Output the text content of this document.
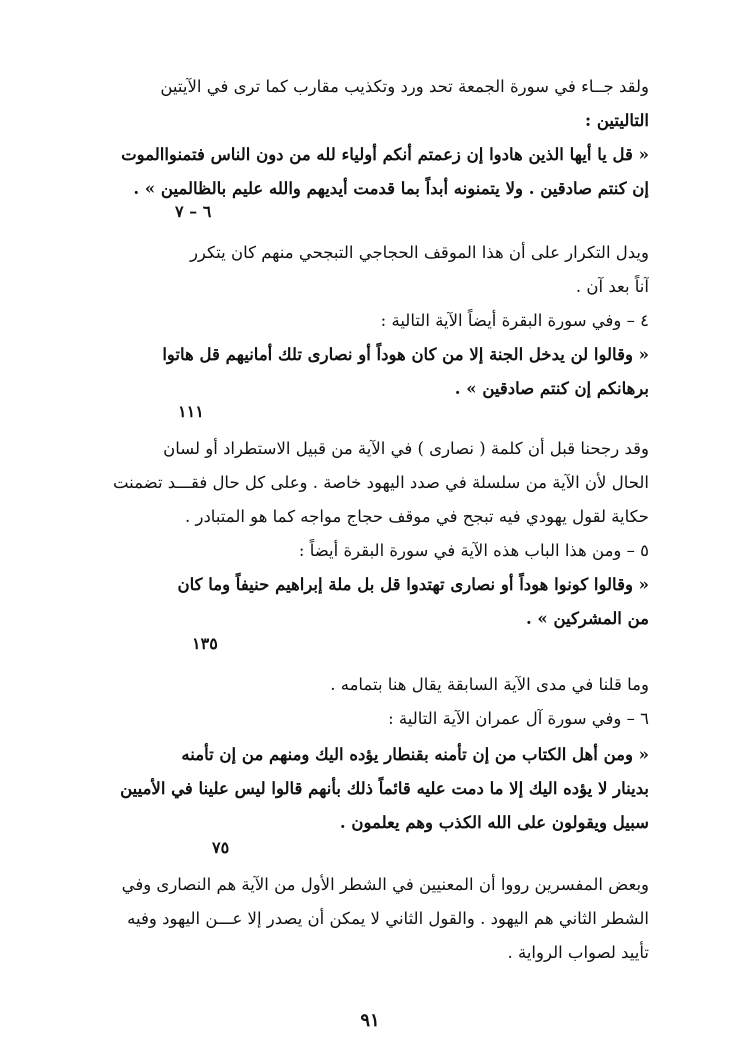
ولقد جــاء في سورة الجمعة تحد ورد وتكذيب مقارب كما ترى في الآيتين
التاليتين :
« قل يا أيها الذين هادوا إن زعمتم أنكم أولياء لله من دون الناس فتمنواالموت
إن كنتم صادقين . ولا يتمنونه أبداً بما قدمت أيديهم والله عليم بالظالمين » .
٦ – ٧
ويدل التكرار على أن هذا الموقف الحجاجي التبجحي منهم كان يتكرر
آناً بعد آن .
٤ – وفي سورة البقرة أيضاً الآية التالية :
« وقالوا لن يدخل الجنة إلا من كان هوداً أو نصارى تلك أمانيهم قل هاتوا
برهانكم إن كنتم صادقين » .
١١١
وقد رجحنا قبل أن كلمة ( نصارى ) في الآية من قبيل الاستطراد أو لسان
الحال لأن الآية من سلسلة في صدد اليهود خاصة . وعلى كل حال فقـــد تضمنت
حكاية لقول يهودي فيه تبجح في موقف حجاج مواجه كما هو المتبادر .
٥ – ومن هذا الباب هذه الآية في سورة البقرة أيضاً :
« وقالوا كونوا هوداً أو نصارى تهتدوا قل بل ملة إبراهيم حنيفاً وما كان
من المشركين » .
١٣٥
وما قلنا في مدى الآية السابقة يقال هنا بتمامه .
٦ – وفي سورة آل عمران الآية التالية :
« ومن أهل الكتاب من إن تأمنه بقنطار يؤده اليك ومنهم من إن تأمنه
بدينار لا يؤده اليك إلا ما دمت عليه قائماً ذلك بأنهم قالوا ليس علينا في الأميين
سبيل ويقولون على الله الكذب وهم يعلمون .
٧٥
وبعض المفسرين رووا أن المعنيين في الشطر الأول من الآية هم النصارى وفي
الشطر الثاني هم اليهود . والقول الثاني لا يمكن أن يصدر إلا عـــن اليهود وفيه
تأييد لصواب الرواية .
٩١
